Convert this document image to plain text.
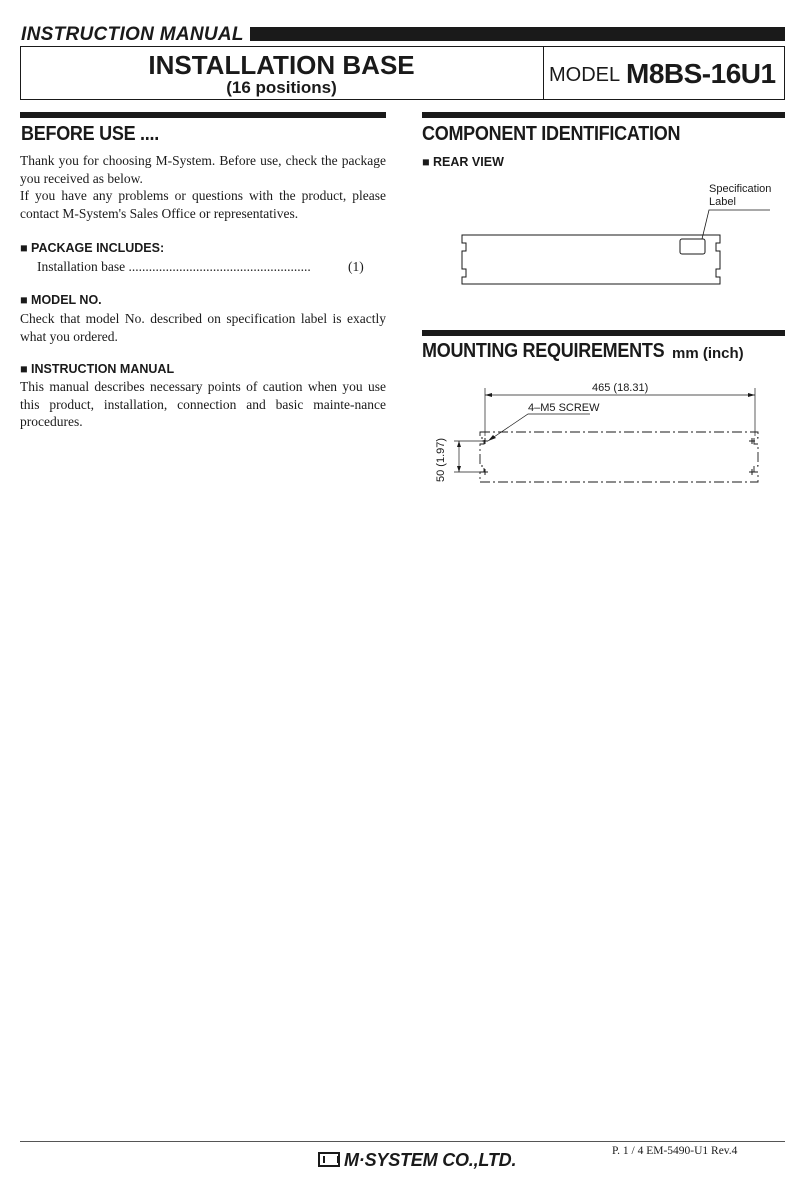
INSTRUCTION MANUAL
INSTALLATION BASE
(16 positions)
MODEL M8BS-16U1
BEFORE USE ....
Thank you for choosing M-System. Before use, check the package you received as below.
If you have any problems or questions with the product, please contact M-System's Sales Office or representatives.
■ PACKAGE INCLUDES:
Installation base ......................................................	(1)
■ MODEL NO.
Check that model No. described on specification label is exactly what you ordered.
■ INSTRUCTION MANUAL
This manual describes necessary points of caution when you use this product, installation, connection and basic mainte-nance procedures.
COMPONENT IDENTIFICATION
■ REAR VIEW
Specification
Label
MOUNTING REQUIREMENTS mm (inch)
465 (18.31)
4–M5 SCREW
50 (1.97)
P. 1 / 4 EM-5490-U1 Rev.4
M·SYSTEM CO.,LTD.
